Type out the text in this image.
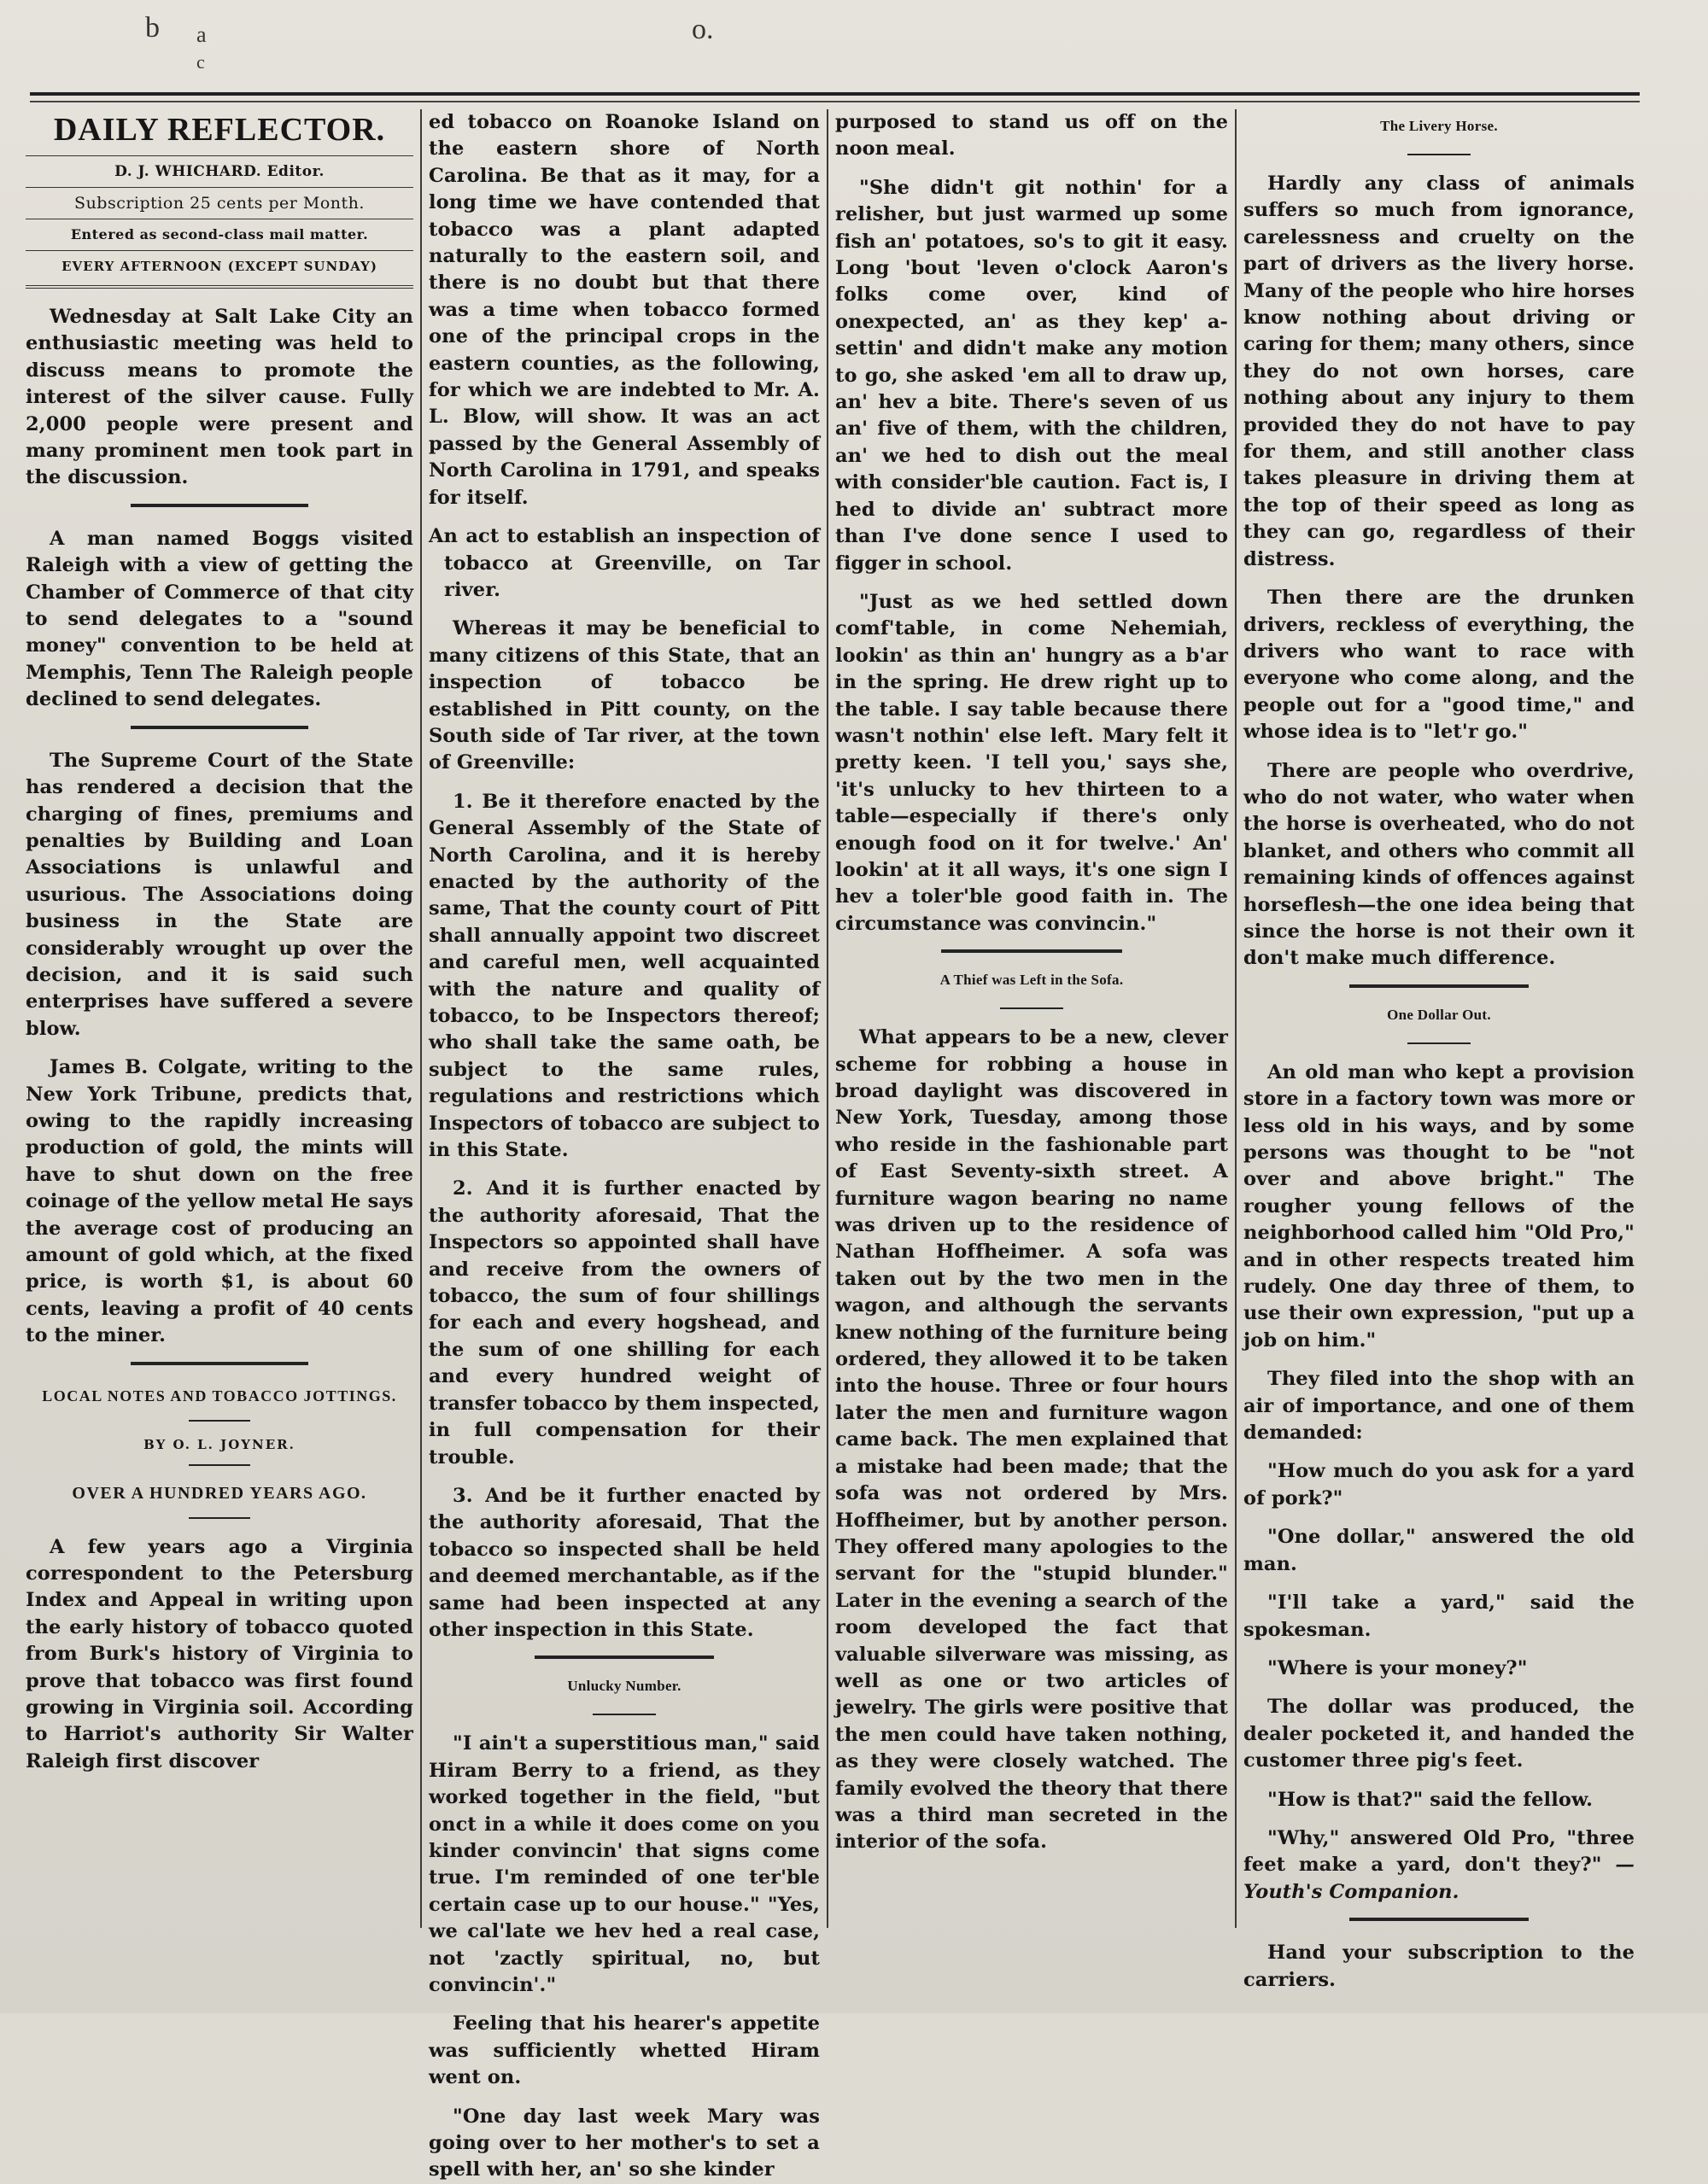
b a	o.
c
DAILY REFLECTOR.
D. J. WHICHARD. Editor.
Subscription 25 cents per Month.
Entered as second-class mail matter.
EVERY AFTERNOON (EXCEPT SUNDAY)

Wednesday at Salt Lake City an enthusiastic meeting was held to discuss means to promote the interest of the silver cause. Fully 2,000 people were present and many prominent men took part in the discussion.

A man named Boggs visited Raleigh with a view of getting the Chamber of Commerce of that city to send delegates to a "sound money" convention to be held at Memphis, Tenn The Raleigh people declined to send delegates.

The Supreme Court of the State has rendered a decision that the charging of fines, premiums and penalties by Building and Loan Associations is unlawful and usurious. The Associations doing business in the State are considerably wrought up over the decision, and it is said such enterprises have suffered a severe blow.

James B. Colgate, writing to the New York Tribune, predicts that, owing to the rapidly increasing production of gold, the mints will have to shut down on the free coinage of the yellow metal He says the average cost of producing an amount of gold which, at the fixed price, is worth $1, is about 60 cents, leaving a profit of 40 cents to the miner.

LOCAL NOTES AND TOBACCO JOTTINGS.
BY O. L. JOYNER.
OVER A HUNDRED YEARS AGO.

A few years ago a Virginia correspondent to the Petersburg Index and Appeal in writing upon the early history of tobacco quoted from Burk's history of Virginia to prove that tobacco was first found growing in Virginia soil. According to Harriot's authority Sir Walter Raleigh first discover

ed tobacco on Roanoke Island on the eastern shore of North Carolina. Be that as it may, for a long time we have contended that tobacco was a plant adapted naturally to the eastern soil, and there is no doubt but that there was a time when tobacco formed one of the principal crops in the eastern counties, as the following, for which we are indebted to Mr. A. L. Blow, will show. It was an act passed by the General Assembly of North Carolina in 1791, and speaks for itself.

An act to establish an inspection of tobacco at Greenville, on Tar river.

Whereas it may be beneficial to many citizens of this State, that an inspection of tobacco be established in Pitt county, on the South side of Tar river, at the town of Greenville:

1. Be it therefore enacted by the General Assembly of the State of North Carolina, and it is hereby enacted by the authority of the same, That the county court of Pitt shall annually appoint two discreet and careful men, well acquainted with the nature and quality of tobacco, to be Inspectors thereof; who shall take the same oath, be subject to the same rules, regulations and restrictions which Inspectors of tobacco are subject to in this State.

2. And it is further enacted by the authority aforesaid, That the Inspectors so appointed shall have and receive from the owners of tobacco, the sum of four shillings for each and every hogshead, and the sum of one shilling for each and every hundred weight of transfer tobacco by them inspected, in full compensation for their trouble.

3. And be it further enacted by the authority aforesaid, That the tobacco so inspected shall be held and deemed merchantable, as if the same had been inspected at any other inspection in this State.

Unlucky Number.

"I ain't a superstitious man," said Hiram Berry to a friend, as they worked together in the field, "but onct in a while it does come on you kinder convincin' that signs come true. I'm reminded of one ter'ble certain case up to our house." "Yes, we cal'late we hev hed a real case, not 'zactly spiritual, no, but convincin'."

Feeling that his hearer's appetite was sufficiently whetted Hiram went on.

"One day last week Mary was going over to her mother's to set a spell with her, an' so she kinder

purposed to stand us off on the noon meal.

"She didn't git nothin' for a relisher, but just warmed up some fish an' potatoes, so's to git it easy. Long 'bout 'leven o'clock Aaron's folks come over, kind of onexpected, an' as they kep' a-settin' and didn't make any motion to go, she asked 'em all to draw up, an' hev a bite. There's seven of us an' five of them, with the children, an' we hed to dish out the meal with consider'ble caution. Fact is, I hed to divide an' subtract more than I've done sence I used to figger in school.

"Just as we hed settled down comf'table, in come Nehemiah, lookin' as thin an' hungry as a b'ar in the spring. He drew right up to the table. I say table because there wasn't nothin' else left. Mary felt it pretty keen. 'I tell you,' says she, 'it's unlucky to hev thirteen to a table—especially if there's only enough food on it for twelve.' An' lookin' at it all ways, it's one sign I hev a toler'ble good faith in. The circumstance was convincin."

A Thief was Left in the Sofa.

What appears to be a new, clever scheme for robbing a house in broad daylight was discovered in New York, Tuesday, among those who reside in the fashionable part of East Seventy-sixth street. A furniture wagon bearing no name was driven up to the residence of Nathan Hoffheimer. A sofa was taken out by the two men in the wagon, and although the servants knew nothing of the furniture being ordered, they allowed it to be taken into the house. Three or four hours later the men and furniture wagon came back. The men explained that a mistake had been made; that the sofa was not ordered by Mrs. Hoffheimer, but by another person. They offered many apologies to the servant for the "stupid blunder." Later in the evening a search of the room developed the fact that valuable silverware was missing, as well as one or two articles of jewelry. The girls were positive that the men could have taken nothing, as they were closely watched. The family evolved the theory that there was a third man secreted in the interior of the sofa.

The Livery Horse.

Hardly any class of animals suffers so much from ignorance, carelessness and cruelty on the part of drivers as the livery horse. Many of the people who hire horses know nothing about driving or caring for them; many others, since they do not own horses, care nothing about any injury to them provided they do not have to pay for them, and still another class takes pleasure in driving them at the top of their speed as long as they can go, regardless of their distress.

Then there are the drunken drivers, reckless of everything, the drivers who want to race with everyone who come along, and the people out for a "good time," and whose idea is to "let'r go."

There are people who overdrive, who do not water, who water when the horse is overheated, who do not blanket, and others who commit all remaining kinds of offences against horseflesh—the one idea being that since the horse is not their own it don't make much difference.

One Dollar Out.

An old man who kept a provision store in a factory town was more or less old in his ways, and by some persons was thought to be "not over and above bright." The rougher young fellows of the neighborhood called him "Old Pro," and in other respects treated him rudely. One day three of them, to use their own expression, "put up a job on him."

They filed into the shop with an air of importance, and one of them demanded:

"How much do you ask for a yard of pork?"

"One dollar," answered the old man.

"I'll take a yard," said the spokesman.

"Where is your money?"

The dollar was produced, the dealer pocketed it, and handed the customer three pig's feet.

"How is that?" said the fellow.

"Why," answered Old Pro, "three feet make a yard, don't they?" —Youth's Companion.

Hand your subscription to the carriers.
